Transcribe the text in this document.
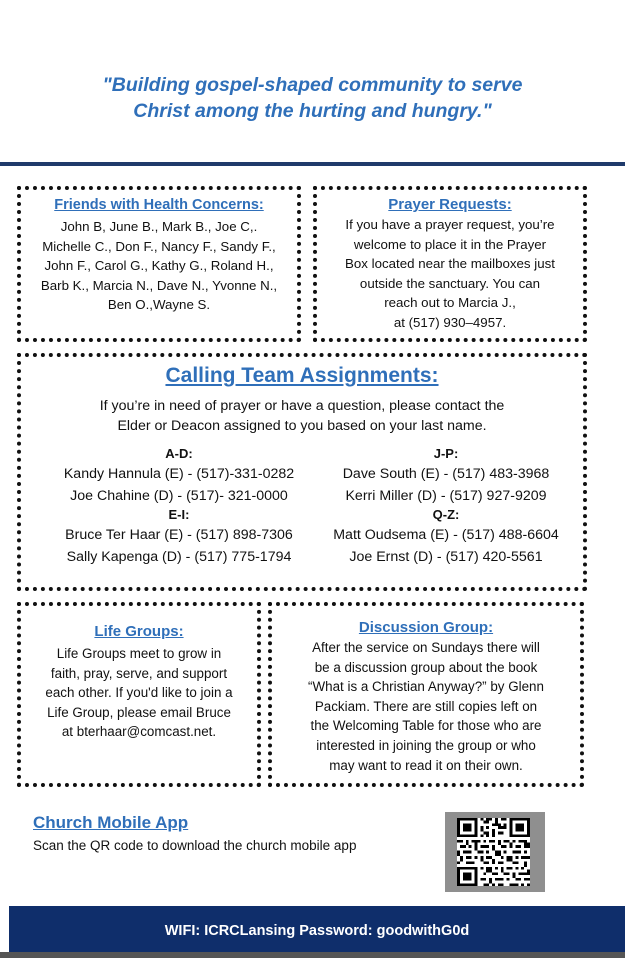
"Building gospel-shaped community to serve
Christ among the hurting and hungry."
Friends with Health Concerns:
John B, June B., Mark B., Joe C,.
Michelle C., Don F., Nancy F., Sandy F.,
John F., Carol G., Kathy G., Roland H.,
Barb K., Marcia N., Dave N., Yvonne N.,
Ben O.,Wayne S.
Prayer Requests:
If you have a prayer request, you’re
welcome to place it in the Prayer
Box located near the mailboxes just
outside the sanctuary. You can
reach out to Marcia J.,
at (517) 930–4957.
Calling Team Assignments:
If you’re in need of prayer or have a question, please contact the
Elder or Deacon assigned to you based on your last name.
A-D:
Kandy Hannula (E) - (517)-331-0282
Joe Chahine (D) - (517)- 321-0000
E-I:
Bruce Ter Haar (E) - (517) 898-7306
Sally Kapenga (D) - (517) 775-1794
J-P:
Dave South (E) - (517) 483-3968
Kerri Miller (D) - (517) 927-9209
Q-Z:
Matt Oudsema (E) - (517) 488-6604
Joe Ernst (D) - (517) 420-5561
Life Groups:
Life Groups meet to grow in
faith, pray, serve, and support
each other. If you'd like to join a
Life Group, please email Bruce
at bterhaar@comcast.net.
Discussion Group:
After the service on Sundays there will
be a discussion group about the book
“What is a Christian Anyway?” by Glenn
Packiam. There are still copies left on
the Welcoming Table for those who are
interested in joining the group or who
may want to read it on their own.
Church Mobile App
Scan the QR code to download the church mobile app
WIFI: ICRCLansing Password: goodwithG0d
